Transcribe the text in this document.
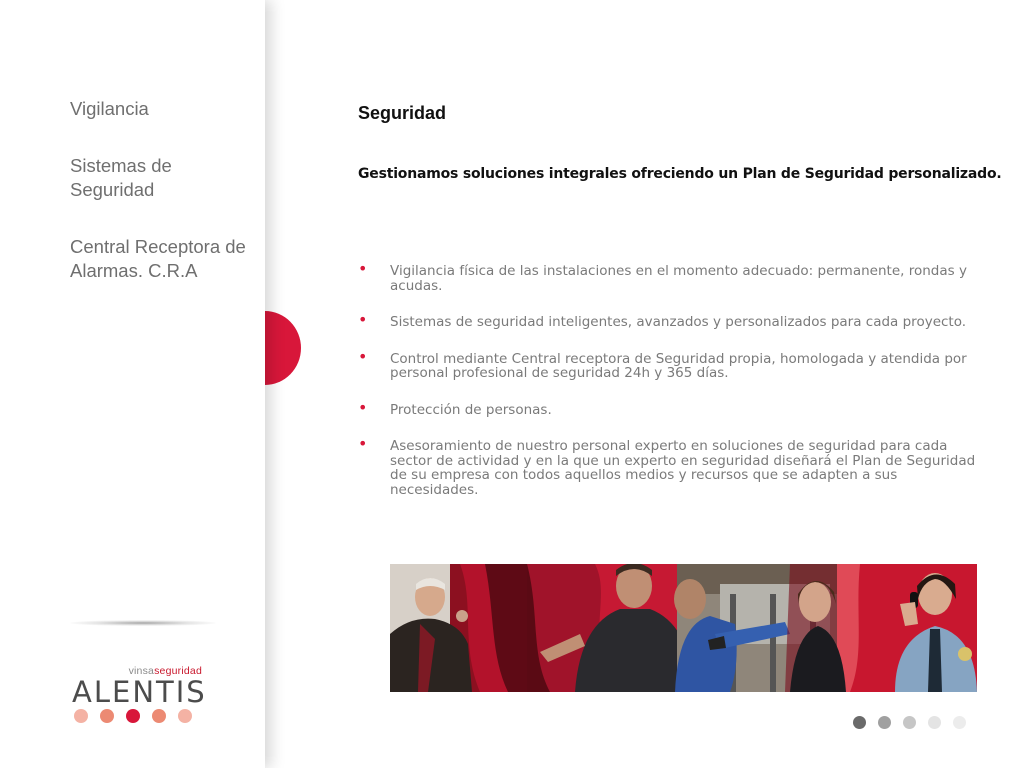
Vigilancia
Sistemas de Seguridad
Central Receptora de Alarmas. C.R.A
vinsaseguridad
ALENTIS
Seguridad
Gestionamos soluciones integrales ofreciendo un Plan de Seguridad personalizado.
• Vigilancia física de las instalaciones en el momento adecuado: permanente, rondas y acudas.
• Sistemas de seguridad inteligentes, avanzados y personalizados para cada proyecto.
• Control mediante Central receptora de Seguridad propia, homologada y atendida por personal profesional de seguridad 24h y 365 días.
• Protección de personas.
• Asesoramiento de nuestro personal experto en soluciones de seguridad para cada sector de actividad y en la que un experto en seguridad diseñará el Plan de Seguridad de su empresa con todos aquellos medios y recursos que se adapten a sus necesidades.
